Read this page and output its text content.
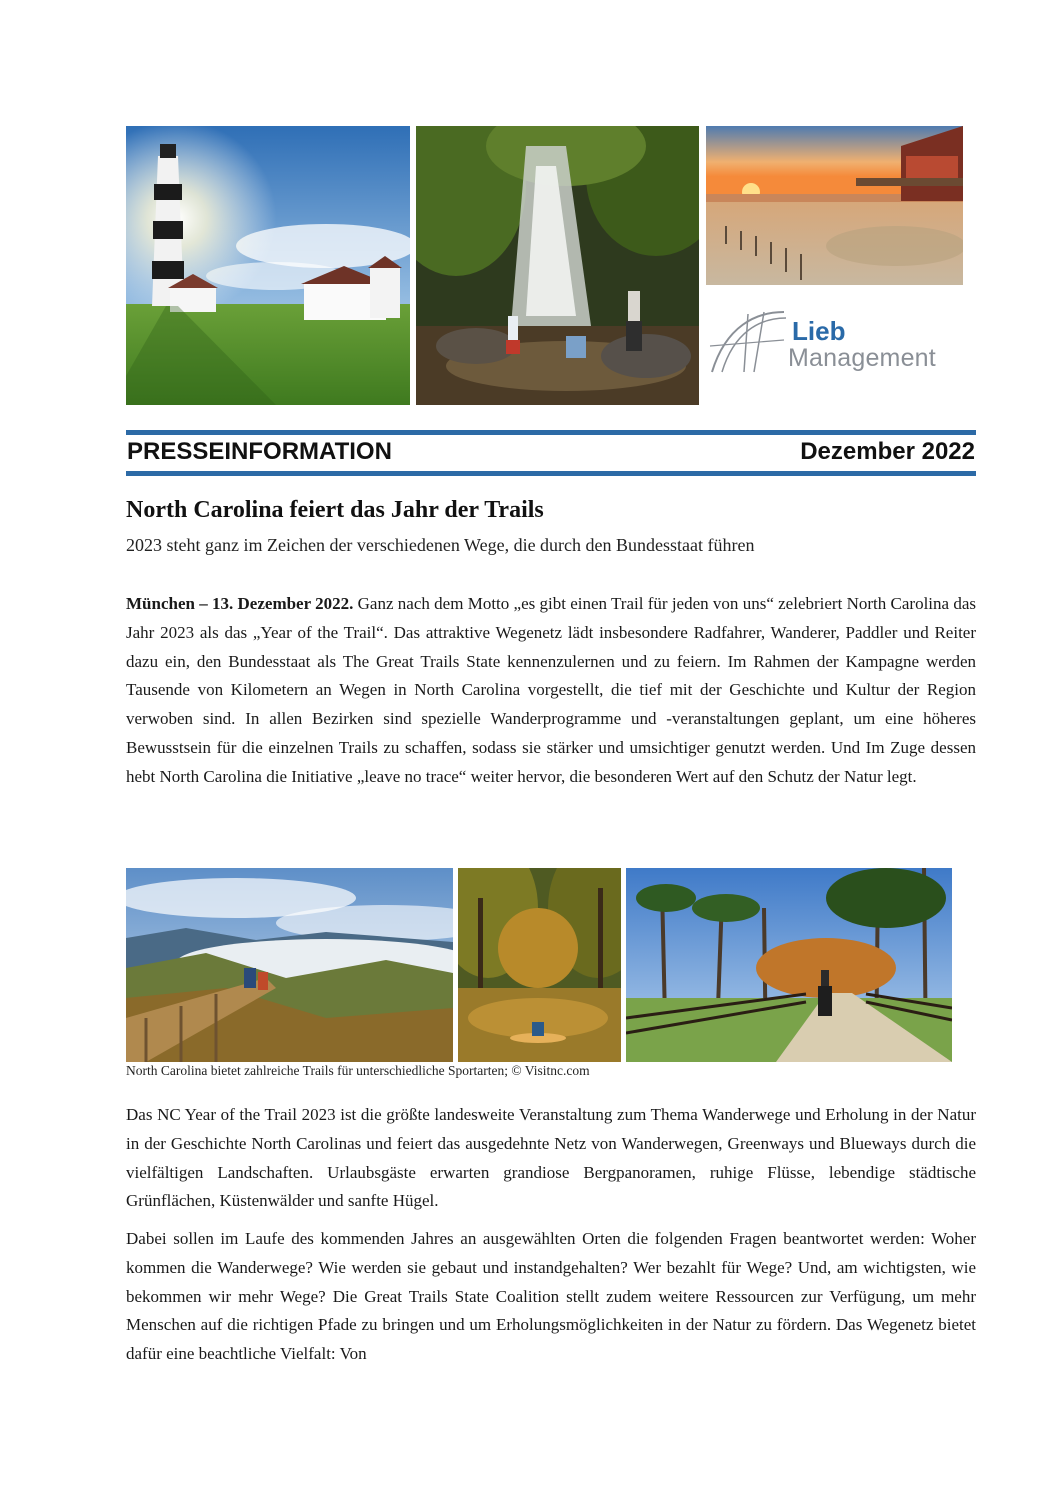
Lieb
Management
PRESSEINFORMATION	Dezember 2022
North Carolina feiert das Jahr der Trails
2023 steht ganz im Zeichen der verschiedenen Wege, die durch den Bundesstaat führen
München – 13. Dezember 2022. Ganz nach dem Motto „es gibt einen Trail für jeden von uns“ zelebriert North Carolina das Jahr 2023 als das „Year of the Trail“. Das attraktive Wegenetz lädt insbesondere Radfahrer, Wanderer, Paddler und Reiter dazu ein, den Bundesstaat als The Great Trails State kennenzulernen und zu feiern. Im Rahmen der Kampagne werden Tausende von Kilometern an Wegen in North Carolina vorgestellt, die tief mit der Geschichte und Kultur der Region verwoben sind. In allen Bezirken sind spezielle Wanderprogramme und -veranstaltungen geplant, um eine höheres Bewusstsein für die einzelnen Trails zu schaffen, sodass sie stärker und umsichtiger genutzt werden. Und Im Zuge dessen hebt North Carolina die Initiative „leave no trace“ weiter hervor, die besonderen Wert auf den Schutz der Natur legt.
North Carolina bietet zahlreiche Trails für unterschiedliche Sportarten; © Visitnc.com
Das NC Year of the Trail 2023 ist die größte landesweite Veranstaltung zum Thema Wanderwege und Erholung in der Natur in der Geschichte North Carolinas und feiert das ausgedehnte Netz von Wanderwegen, Greenways und Blueways durch die vielfältigen Landschaften. Urlaubsgäste erwarten grandiose Bergpanoramen, ruhige Flüsse, lebendige städtische Grünflächen, Küstenwälder und sanfte Hügel.
Dabei sollen im Laufe des kommenden Jahres an ausgewählten Orten die folgenden Fragen beantwortet werden: Woher kommen die Wanderwege? Wie werden sie gebaut und instandgehalten? Wer bezahlt für Wege? Und, am wichtigsten, wie bekommen wir mehr Wege? Die Great Trails State Coalition stellt zudem weitere Ressourcen zur Verfügung, um mehr Menschen auf die richtigen Pfade zu bringen und um Erholungsmöglichkeiten in der Natur zu fördern. Das Wegenetz bietet dafür eine beachtliche Vielfalt: Von
